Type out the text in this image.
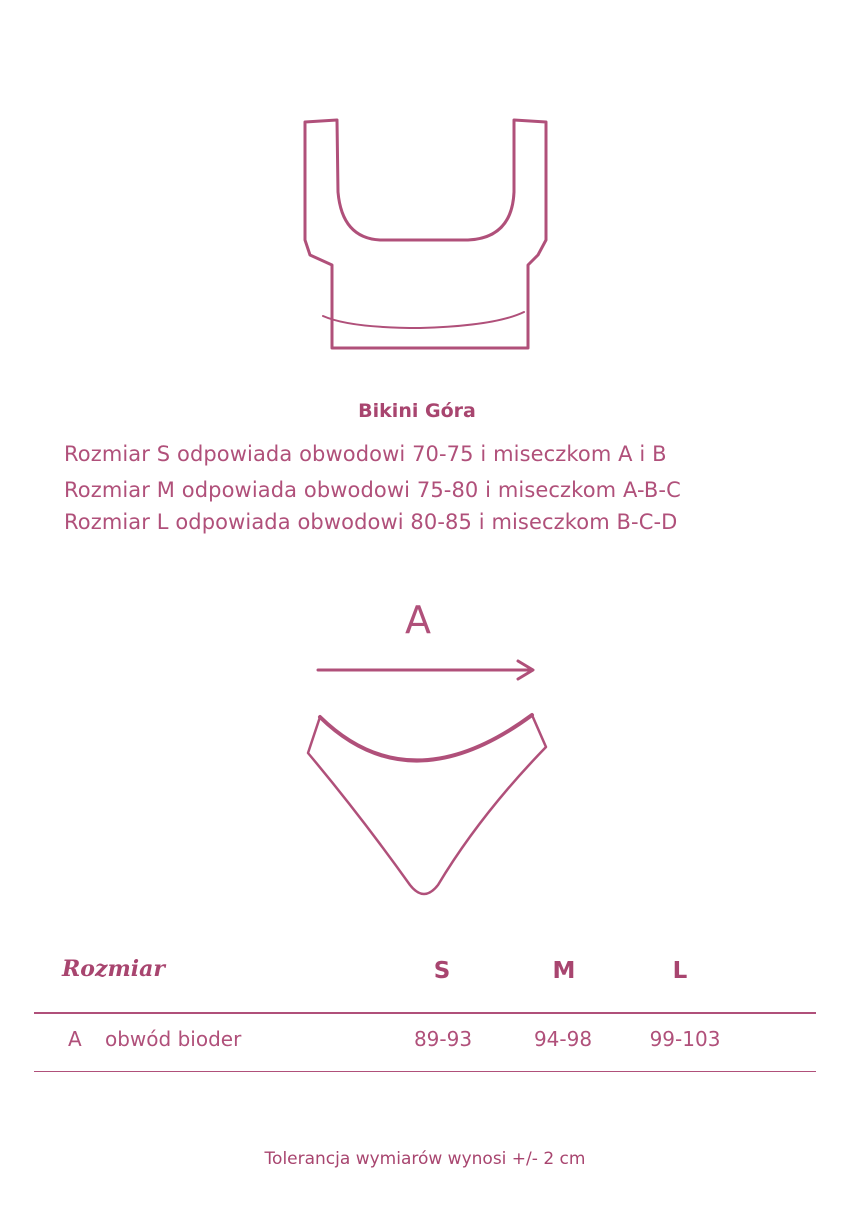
Bikini Góra
Rozmiar S odpowiada obwodowi 70-75 i miseczkom A i B
Rozmiar M odpowiada obwodowi 75-80 i miseczkom A-B-C
Rozmiar L odpowiada obwodowi 80-85 i miseczkom B-C-D
A
Rozmiar	S	M	L
A obwód bioder	89-93	94-98	99-103
Tolerancja wymiarów wynosi +/- 2 cm
